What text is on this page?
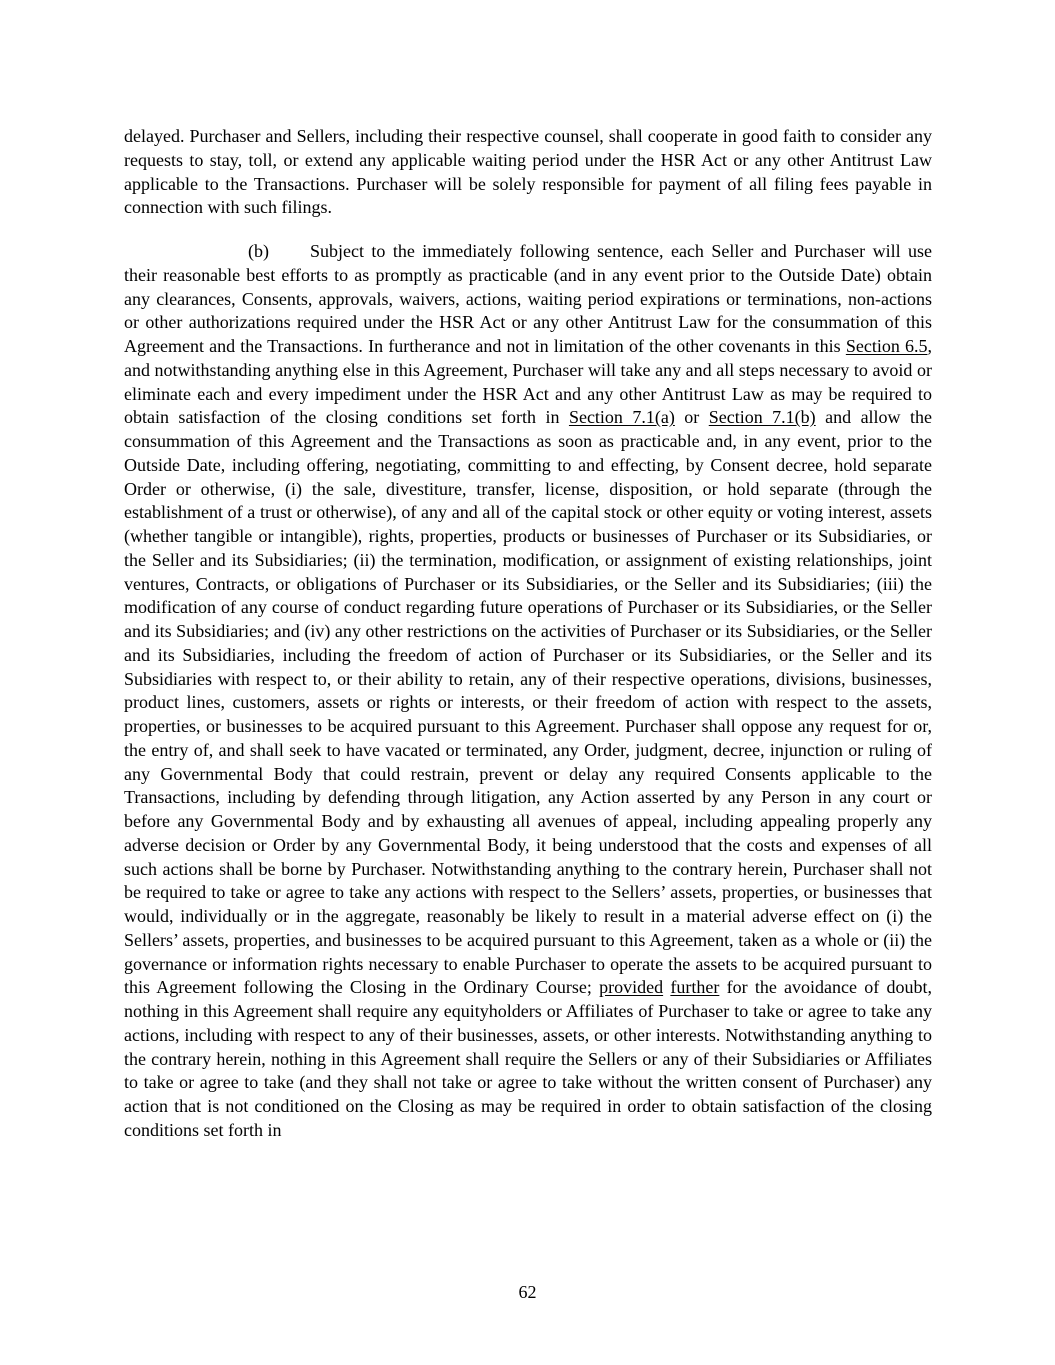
delayed. Purchaser and Sellers, including their respective counsel, shall cooperate in good faith to consider any requests to stay, toll, or extend any applicable waiting period under the HSR Act or any other Antitrust Law applicable to the Transactions. Purchaser will be solely responsible for payment of all filing fees payable in connection with such filings.

(b) Subject to the immediately following sentence, each Seller and Purchaser will use their reasonable best efforts to as promptly as practicable (and in any event prior to the Outside Date) obtain any clearances, Consents, approvals, waivers, actions, waiting period expirations or terminations, non-actions or other authorizations required under the HSR Act or any other Antitrust Law for the consummation of this Agreement and the Transactions. In furtherance and not in limitation of the other covenants in this Section 6.5, and notwithstanding anything else in this Agreement, Purchaser will take any and all steps necessary to avoid or eliminate each and every impediment under the HSR Act and any other Antitrust Law as may be required to obtain satisfaction of the closing conditions set forth in Section 7.1(a) or Section 7.1(b) and allow the consummation of this Agreement and the Transactions as soon as practicable and, in any event, prior to the Outside Date, including offering, negotiating, committing to and effecting, by Consent decree, hold separate Order or otherwise, (i) the sale, divestiture, transfer, license, disposition, or hold separate (through the establishment of a trust or otherwise), of any and all of the capital stock or other equity or voting interest, assets (whether tangible or intangible), rights, properties, products or businesses of Purchaser or its Subsidiaries, or the Seller and its Subsidiaries; (ii) the termination, modification, or assignment of existing relationships, joint ventures, Contracts, or obligations of Purchaser or its Subsidiaries, or the Seller and its Subsidiaries; (iii) the modification of any course of conduct regarding future operations of Purchaser or its Subsidiaries, or the Seller and its Subsidiaries; and (iv) any other restrictions on the activities of Purchaser or its Subsidiaries, or the Seller and its Subsidiaries, including the freedom of action of Purchaser or its Subsidiaries, or the Seller and its Subsidiaries with respect to, or their ability to retain, any of their respective operations, divisions, businesses, product lines, customers, assets or rights or interests, or their freedom of action with respect to the assets, properties, or businesses to be acquired pursuant to this Agreement. Purchaser shall oppose any request for or, the entry of, and shall seek to have vacated or terminated, any Order, judgment, decree, injunction or ruling of any Governmental Body that could restrain, prevent or delay any required Consents applicable to the Transactions, including by defending through litigation, any Action asserted by any Person in any court or before any Governmental Body and by exhausting all avenues of appeal, including appealing properly any adverse decision or Order by any Governmental Body, it being understood that the costs and expenses of all such actions shall be borne by Purchaser. Notwithstanding anything to the contrary herein, Purchaser shall not be required to take or agree to take any actions with respect to the Sellers’ assets, properties, or businesses that would, individually or in the aggregate, reasonably be likely to result in a material adverse effect on (i) the Sellers’ assets, properties, and businesses to be acquired pursuant to this Agreement, taken as a whole or (ii) the governance or information rights necessary to enable Purchaser to operate the assets to be acquired pursuant to this Agreement following the Closing in the Ordinary Course; provided further for the avoidance of doubt, nothing in this Agreement shall require any equityholders or Affiliates of Purchaser to take or agree to take any actions, including with respect to any of their businesses, assets, or other interests. Notwithstanding anything to the contrary herein, nothing in this Agreement shall require the Sellers or any of their Subsidiaries or Affiliates to take or agree to take (and they shall not take or agree to take without the written consent of Purchaser) any action that is not conditioned on the Closing as may be required in order to obtain satisfaction of the closing conditions set forth in

62
